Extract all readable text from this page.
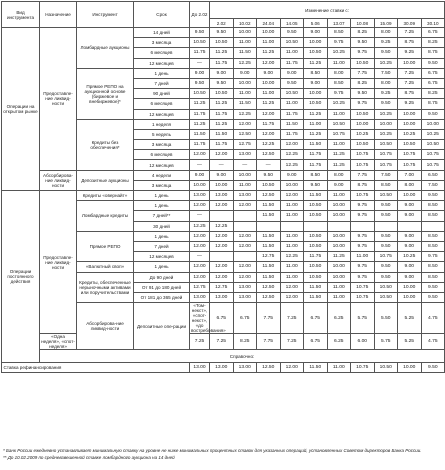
Вид инструмента	Назначение	Инструмент	Срок	До 2.02	Изменение ставки с:										
					2.02	10.02	24.04	14.05	5.06	13.07	10.08	15.09	30.09	30.10	
Операции на открытом рынке	Предоставле-ние ликвид-ности	Ломбардные аукционы	14 дней	9.50	9.50	10.00	10.00	9.50	9.00	8.50	8.25	8.00	7.25	6.75	
			3 месяца	10.50	10.50	11.00	11.00	10.50	10.00	9.75	9.50	9.25	8.75	8.25	
			6 месяцев	11.75	11.25	11.50	11.25	11.00	10.50	10.25	9.75	9.50	9.25	8.75	
			12 месяцев	—	11.75	12.25	12.00	11.75	11.25	11.00	10.50	10.25	10.00	9.50	
		Прямое РЕПО на аукционной основе (биржевое и внебиржевое)*	1 день	9.00	9.00	9.00	9.00	9.00	8.50	8.00	7.75	7.50	7.25	6.75	
			7 дней	9.50	9.50	10.00	10.00	9.50	9.00	8.50	8.25	8.00	7.25	6.75	
			90 дней	10.50	10.50	11.00	11.00	10.50	10.00	9.75	9.50	9.25	8.75	8.25	
			6 месяцев	11.25	11.25	11.50	11.25	11.00	10.50	10.25	9.75	9.50	9.25	8.75	
			12 месяцев	11.75	11.75	12.25	12.00	11.75	11.25	11.00	10.50	10.25	10.00	9.50	
		Кредиты без обеспечения*	1 неделя	11.25	11.25	12.00	11.75	11.50	11.00	10.50	10.00	10.00	10.00	10.00	
			5 недель	11.50	11.50	12.50	12.00	11.75	11.25	10.75	10.25	10.25	10.25	10.25	
			3 месяца	11.75	11.75	12.75	12.25	12.00	11.50	11.00	10.50	10.50	10.50	10.50	
			6 месяцев	12.00	12.00	13.00	12.50	12.25	11.75	11.25	10.75	10.75	10.75	10.75	
			12 месяцев	—	—	—	—	12.25	11.75	11.25	10.75	10.75	10.75	10.75	
	Абсорбирова-ние ликвид-ности	Депозитные аукционы	4 недели	9.00	9.00	10.00	9.50	9.00	8.50	8.00	7.75	7.50	7.00	6.50	
			3 месяца	10.00	10.00	11.00	10.50	10.00	9.50	9.00	8.75	8.50	8.00	7.50	
Операции постоянного действия	Предоставле-ние ликвид-ности	Кредиты «овернайт»	1 день	13.00	13.00	13.00	12.50	12.00	11.50	11.00	10.75	10.50	10.00	9.50	
		Ломбардные кредиты	1 день	12.00	12.00	12.00	11.50	11.00	10.50	10.00	9.75	9.50	9.00	8.50	
			7 дней**	—			11.50	11.00	10.50	10.00	9.75	9.50	9.00	8.50	
			30 дней	12.25	12.25										
		Прямое РЕПО	1 день	12.00	12.00	12.00	11.50	11.00	10.50	10.00	9.75	9.50	9.00	8.50	
			7 дней	12.00	12.00	12.00	11.50	11.00	10.50	10.00	9.75	9.50	9.00	8.50	
			12 месяцев	—			12.75	12.25	11.75	11.25	11.00	10.75	10.25	9.75	
		«Валютный своп»	1 день	12.00	12.00	12.00	11.50	11.00	10.50	10.00	9.75	9.50	9.00	8.50	
		Кредиты, обеспеченные нерыночными активами или поручительствами	До 90 дней	12.00	12.00	12.00	11.50	11.00	10.50	10.00	9.75	9.50	9.00	8.50	
			От 91 до 180 дней	12.75	12.75	13.00	12.50	12.00	11.50	11.00	10.75	10.50	10.00	9.50	
			От 181 до 365 дней	13.00	13.00	13.00	12.50	12.00	11.50	11.00	10.75	10.50	10.00	9.50	
		Абсорбирова-ние ликвид-ности	Депозитные опе-рации	«Том-некст», «спот-некст», «до востребования»	6.75	6.75	7.75	7.25	6.75	6.25	5.75	5.50	5.25	4.75	
	«Одна неделя», «спот-неделя»			7.25	7.25	8.25	7.75	7.25	6.75	6.25	6.00	5.75	5.25	4.75	
	Справочно:														
Ставка рефинансирования				13.00	13.00	13.00	12.50	12.00	11.50	11.00	10.75	10.50	10.00	9.50	
* Банк России ежедневно устанавливает минимальную ставку на уровне не ниже минимальных процентных ставок для указанных операций, установленных Советом директоров Банка России.
** До 10.02.2009 по средневзвешенной ставке ломбардного аукциона на 14 дней
